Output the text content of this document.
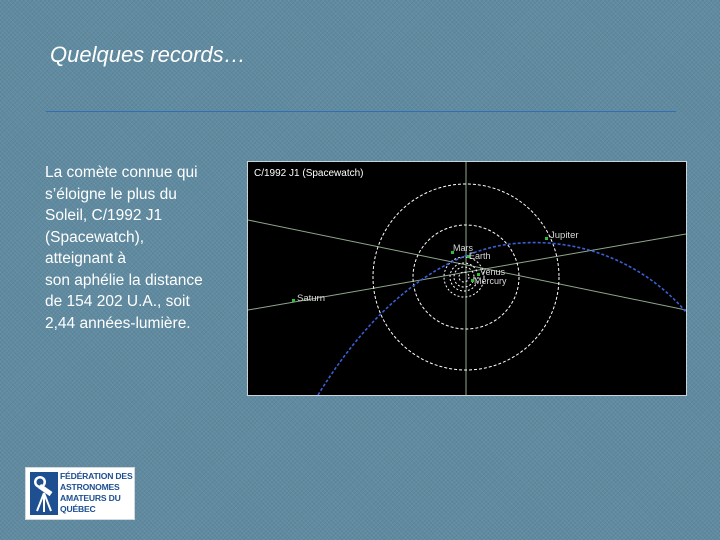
Quelques records…
La comète connue qui
s’éloigne le plus du
Soleil, C/1992 J1
(Spacewatch),
atteignant à
son aphélie la distance
de 154 202 U.A., soit
2,44 années-lumière.
C/1992 J1 (Spacewatch)
Jupiter
Mars
Earth
Venus
Mercury
Saturn
FÉDÉRATION DES
ASTRONOMES
AMATEURS DU
QUÉBEC
